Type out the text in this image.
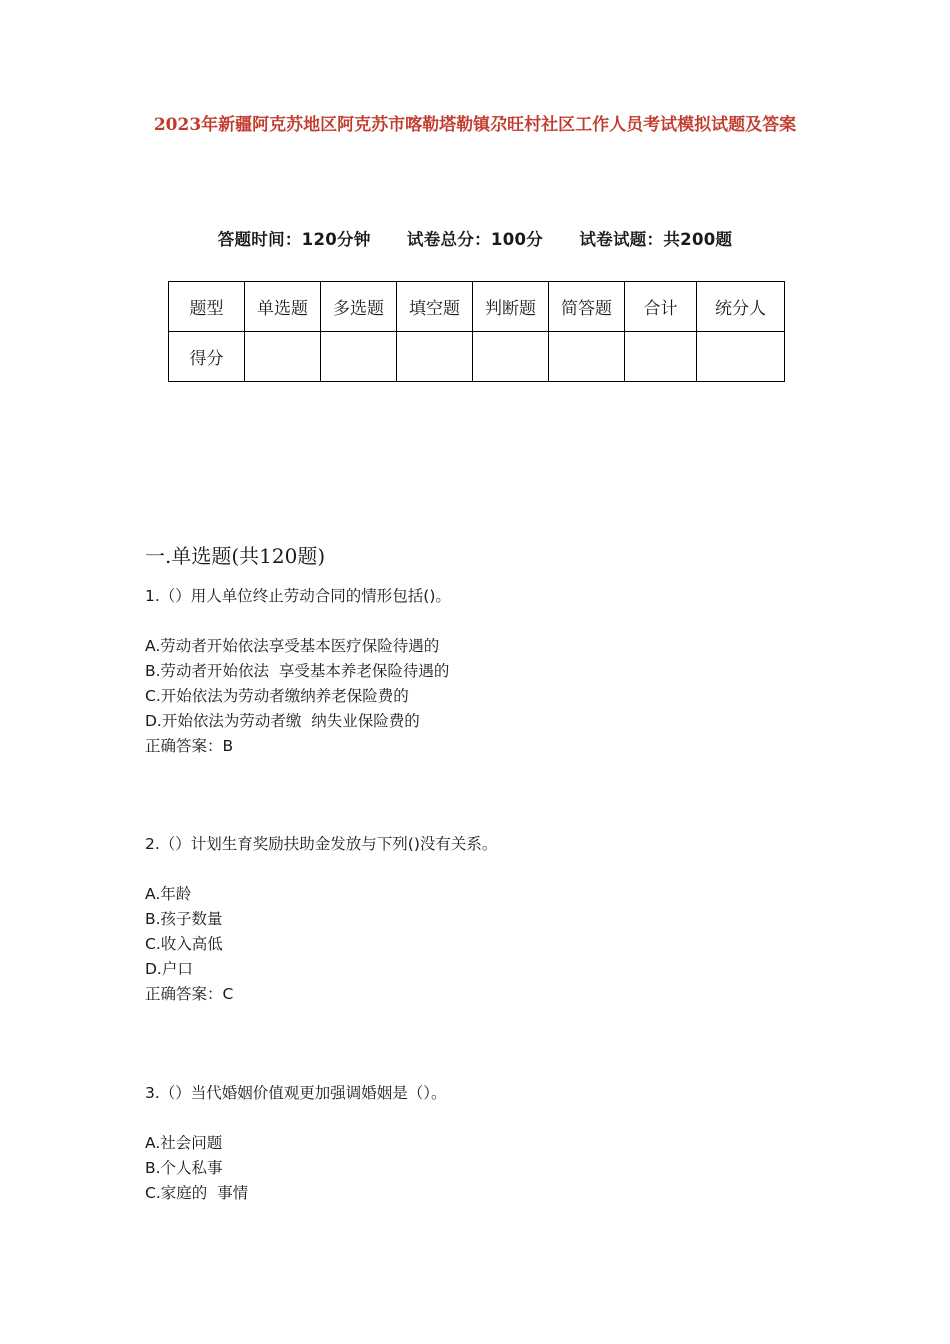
2023年新疆阿克苏地区阿克苏市喀勒塔勒镇尕旺村社区工作人员考试模拟试题及答案
答题时间：120分钟 试卷总分：100分 试卷试题：共200题
题型	单选题	多选题	填空题	判断题	简答题	合计	统分人
得分							
一.单选题(共120题)
1.（）用人单位终止劳动合同的情形包括()。
A.劳动者开始依法享受基本医疗保险待遇的
B.劳动者开始依法  享受基本养老保险待遇的
C.开始依法为劳动者缴纳养老保险费的
D.开始依法为劳动者缴  纳失业保险费的
正确答案：B
2.（）计划生育奖励扶助金发放与下列()没有关系。
A.年龄
B.孩子数量
C.收入高低
D.户口
正确答案：C
3.（）当代婚姻价值观更加强调婚姻是（）。
A.社会问题
B.个人私事
C.家庭的  事情
